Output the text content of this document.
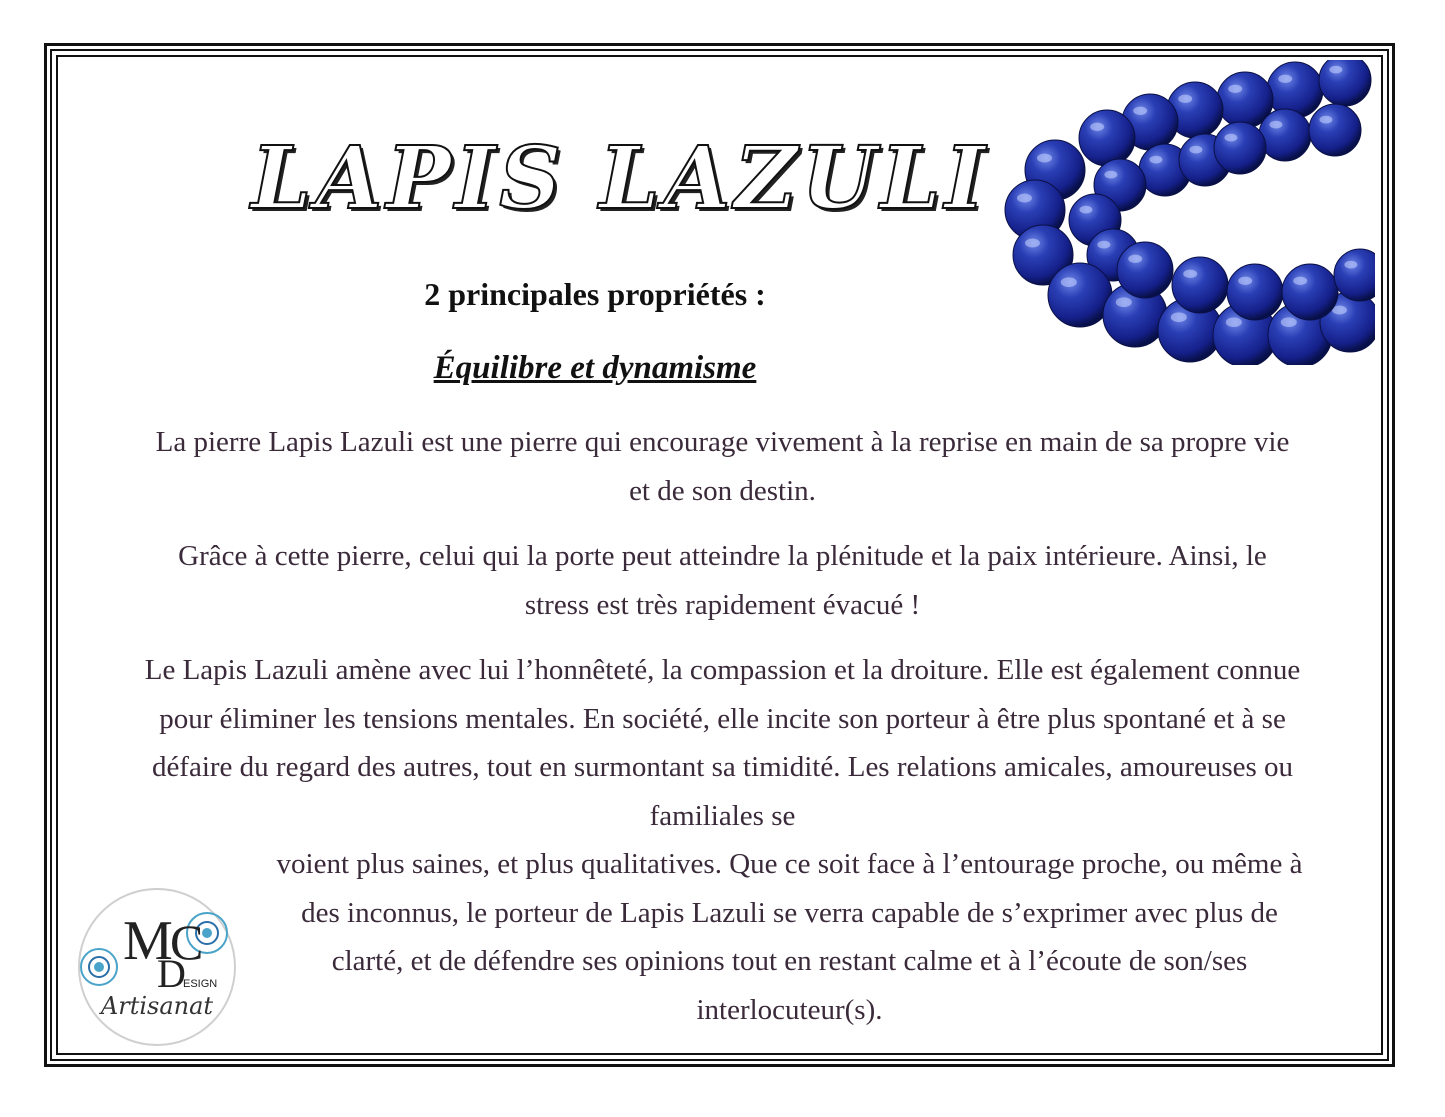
LAPIS LAZULI

2 principales propriétés :

Équilibre et dynamisme

La pierre Lapis Lazuli est une pierre qui encourage vivement à la reprise en main de sa propre vie et de son destin.

Grâce à cette pierre, celui qui la porte peut atteindre la plénitude et la paix intérieure. Ainsi, le stress est très rapidement évacué !

Le Lapis Lazuli amène avec lui l’honnêteté, la compassion et la droiture. Elle est également connue pour éliminer les tensions mentales. En société, elle incite son porteur à être plus spontané et à se défaire du regard des autres, tout en surmontant sa timidité. Les relations amicales, amoureuses ou familiales se

voient plus saines, et plus qualitatives. Que ce soit face à l’entourage proche, ou même à des inconnus, le porteur de Lapis Lazuli se verra capable de s’exprimer avec plus de clarté, et de défendre ses opinions tout en restant calme et à l’écoute de son/ses interlocuteur(s).

M
C
D
ESIGN

Artisanat
